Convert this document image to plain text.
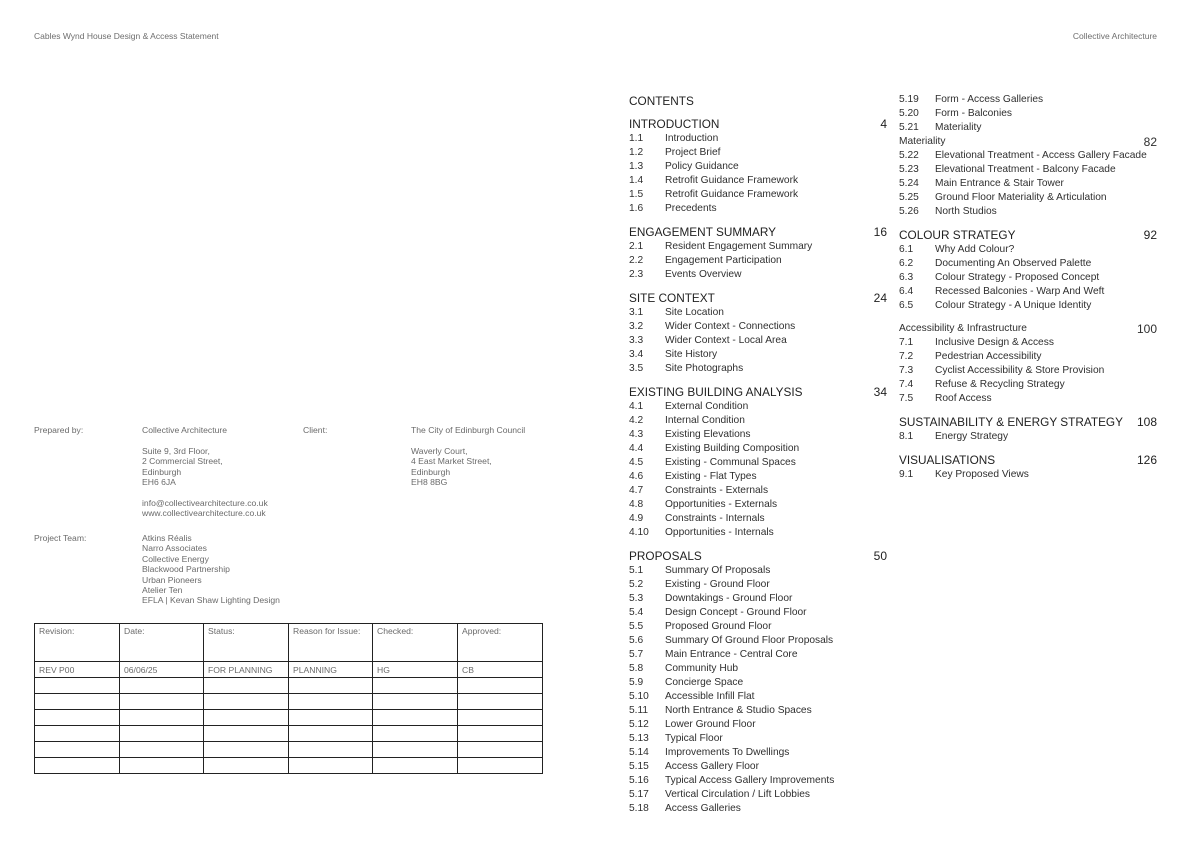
Cables Wynd House Design & Access Statement	Collective Architecture
Prepared by:	Collective Architecture
Suite 9, 3rd Floor,
2 Commercial Street,
Edinburgh
EH6 6JA
info@collectivearchitecture.co.uk
www.collectivearchitecture.co.uk
Client:	The City of Edinburgh Council
Waverly Court,
4 East Market Street,
Edinburgh
EH8 8BG
Project Team:	Atkins Réalis
Narro Associates
Collective Energy
Blackwood Partnership
Urban Pioneers
Atelier Ten
EFLA | Kevan Shaw Lighting Design
Revision:	Date:	Status:	Reason for Issue:	Checked:	Approved:
REV P00	06/06/25	FOR PLANNING	PLANNING	HG	CB

CONTENTS
INTRODUCTION	4
1.1	Introduction
1.2	Project Brief
1.3	Policy Guidance
1.4	Retrofit Guidance Framework
1.5	Retrofit Guidance Framework
1.6	Precedents
ENGAGEMENT SUMMARY	16
2.1	Resident Engagement Summary
2.2	Engagement Participation
2.3	Events Overview
SITE CONTEXT	24
3.1	Site Location
3.2	Wider Context - Connections
3.3	Wider Context - Local Area
3.4	Site History
3.5	Site Photographs
EXISTING BUILDING ANALYSIS	34
4.1	External Condition
4.2	Internal Condition
4.3	Existing Elevations
4.4	Existing Building Composition
4.5	Existing - Communal Spaces
4.6	Existing - Flat Types
4.7	Constraints - Externals
4.8	Opportunities - Externals
4.9	Constraints - Internals
4.10	Opportunities - Internals
PROPOSALS	50
5.1	Summary Of Proposals
5.2	Existing - Ground Floor
5.3	Downtakings - Ground Floor
5.4	Design Concept - Ground Floor
5.5	Proposed Ground Floor
5.6	Summary Of Ground Floor Proposals
5.7	Main Entrance - Central Core
5.8	Community Hub
5.9	Concierge Space
5.10	Accessible Infill Flat
5.11	North Entrance & Studio Spaces
5.12	Lower Ground Floor
5.13	Typical Floor
5.14	Improvements To Dwellings
5.15	Access Gallery Floor
5.16	Typical Access Gallery Improvements
5.17	Vertical Circulation / Lift Lobbies
5.18	Access Galleries
5.19	Form - Access Galleries
5.20	Form - Balconies
5.21	Materiality
Materiality	82
5.22	Elevational Treatment - Access Gallery Facade
5.23	Elevational Treatment - Balcony Facade
5.24	Main Entrance & Stair Tower
5.25	Ground Floor Materiality & Articulation
5.26	North Studios
COLOUR STRATEGY	92
6.1	Why Add Colour?
6.2	Documenting An Observed Palette
6.3	Colour Strategy - Proposed Concept
6.4	Recessed Balconies - Warp And Weft
6.5	Colour Strategy - A Unique Identity
Accessibility & Infrastructure	100
7.1	Inclusive Design & Access
7.2	Pedestrian Accessibility
7.3	Cyclist Accessibility & Store Provision
7.4	Refuse & Recycling Strategy
7.5	Roof Access
SUSTAINABILITY & ENERGY STRATEGY 108
8.1	Energy Strategy
VISUALISATIONS	126
9.1	Key Proposed Views
